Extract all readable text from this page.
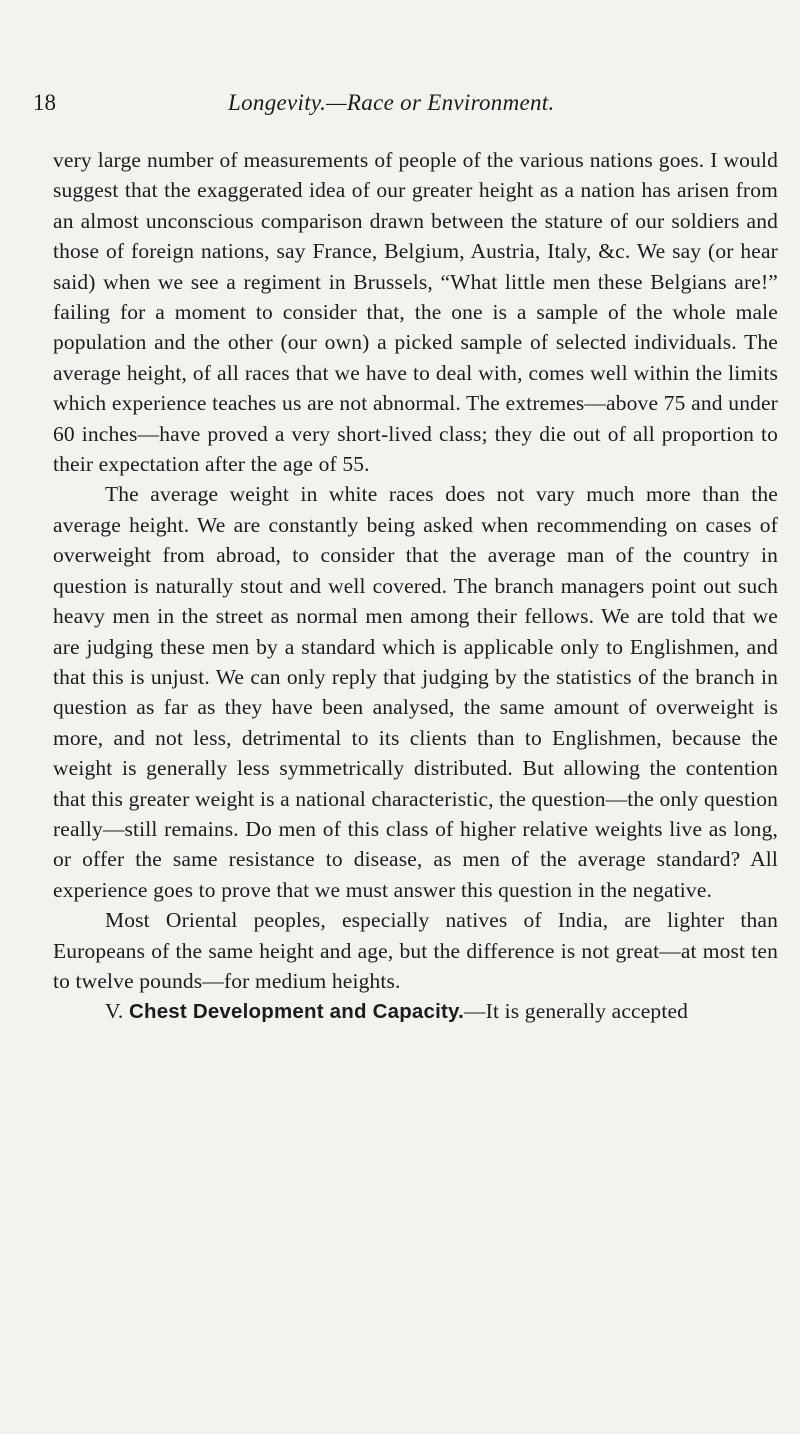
18	Longevity.—Race or Environment.

very large number of measurements of people of the various nations goes. I would suggest that the exaggerated idea of our greater height as a nation has arisen from an almost unconscious comparison drawn between the stature of our soldiers and those of foreign nations, say France, Belgium, Austria, Italy, &c. We say (or hear said) when we see a regiment in Brussels, “What little men these Belgians are!” failing for a moment to consider that, the one is a sample of the whole male population and the other (our own) a picked sample of selected individuals. The average height, of all races that we have to deal with, comes well within the limits which experience teaches us are not abnormal. The extremes—above 75 and under 60 inches—have proved a very short-lived class; they die out of all proportion to their expectation after the age of 55.

The average weight in white races does not vary much more than the average height. We are constantly being asked when recommending on cases of overweight from abroad, to consider that the average man of the country in question is naturally stout and well covered. The branch managers point out such heavy men in the street as normal men among their fellows. We are told that we are judging these men by a standard which is applicable only to Englishmen, and that this is unjust. We can only reply that judging by the statistics of the branch in question as far as they have been analysed, the same amount of overweight is more, and not less, detrimental to its clients than to Englishmen, because the weight is generally less symmetrically distributed. But allowing the contention that this greater weight is a national characteristic, the question—the only question really—still remains. Do men of this class of higher relative weights live as long, or offer the same resistance to disease, as men of the average standard? All experience goes to prove that we must answer this question in the negative.

Most Oriental peoples, especially natives of India, are lighter than Europeans of the same height and age, but the difference is not great—at most ten to twelve pounds—for medium heights.

V. Chest Development and Capacity.—It is generally accepted
